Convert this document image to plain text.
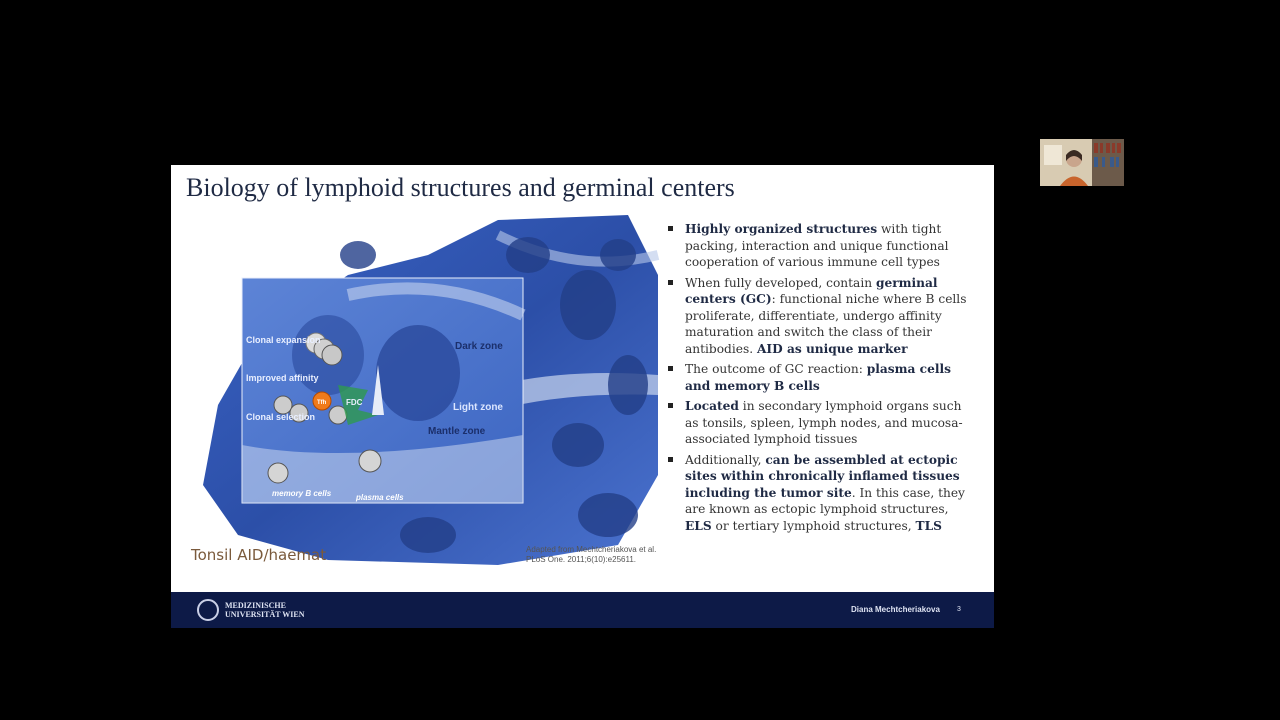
Biology of lymphoid structures and germinal centers
Clonal expansion
Improved affinity
Clonal selection
Dark zone
Light zone
Mantle zone
FDC
Tfh
memory B cells	plasma cells
Tonsil AID/haemat	Adapted from Mechtcheriakova et al. PLoS One. 2011;6(10):e25611.
Highly organized structures with tight packing, interaction and unique functional cooperation of various immune cell types
When fully developed, contain germinal centers (GC): functional niche where B cells proliferate, differentiate, undergo affinity maturation and switch the class of their antibodies. AID as unique marker
The outcome of GC reaction: plasma cells and memory B cells
Located in secondary lymphoid organs such as tonsils, spleen, lymph nodes, and mucosa-associated lymphoid tissues
Additionally, can be assembled at ectopic sites within chronically inflamed tissues including the tumor site. In this case, they are known as ectopic lymphoid structures, ELS or tertiary lymphoid structures, TLS
MEDIZINISCHE
UNIVERSITÄT WIEN
Diana Mechtcheriakova 3
